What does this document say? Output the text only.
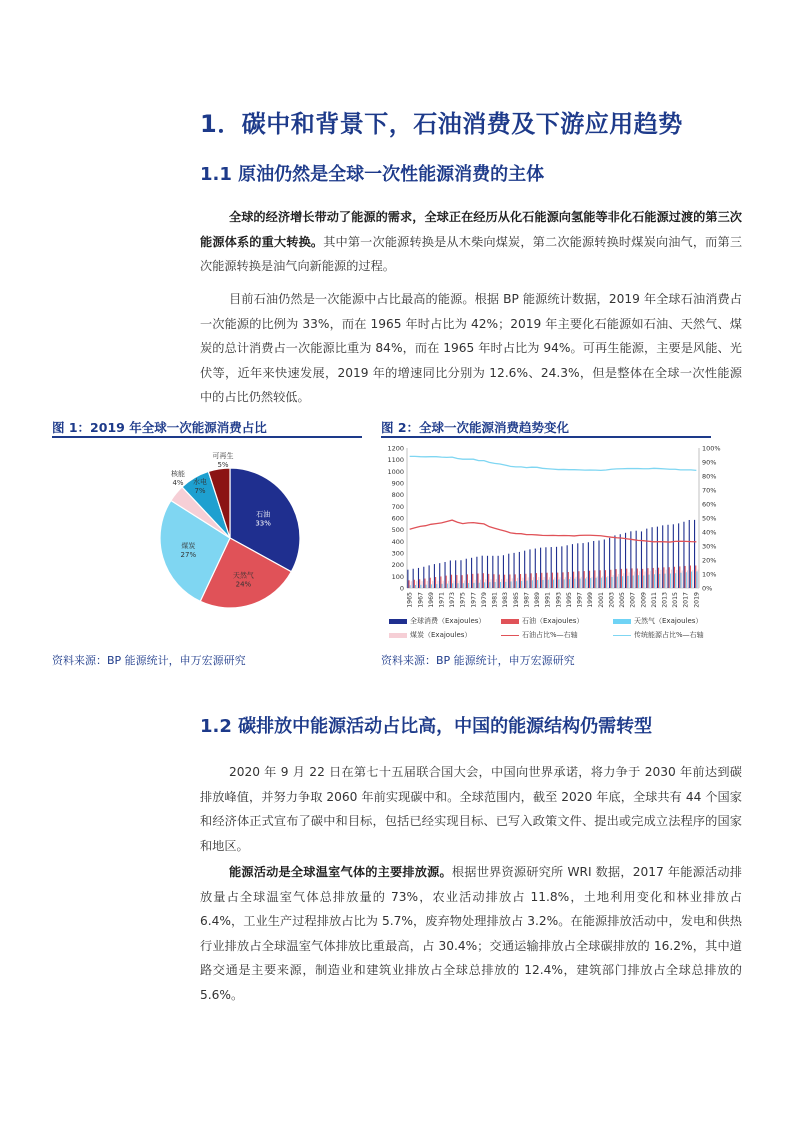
1．碳中和背景下，石油消费及下游应用趋势
1.1 原油仍然是全球一次性能源消费的主体

全球的经济增长带动了能源的需求，全球正在经历从化石能源向氢能等非化石能源过渡的第三次能源体系的重大转换。其中第一次能源转换是从木柴向煤炭，第二次能源转换时煤炭向油气，而第三次能源转换是油气向新能源的过程。

目前石油仍然是一次能源中占比最高的能源。根据 BP 能源统计数据，2019 年全球石油消费占一次能源的比例为 33%，而在 1965 年时占比为 42%；2019 年主要化石能源如石油、天然气、煤炭的总计消费占一次能源比重为 84%，而在 1965 年时占比为 94%。可再生能源，主要是风能、光伏等，近年来快速发展，2019 年的增速同比分别为 12.6%、24.3%，但是整体在全球一次性能源中的占比仍然较低。

图 1：2019 年全球一次能源消费占比
石油
33%
天然气
24%
煤炭
27%
核能
4% 水电
7%
可再生
5%
资料来源：BP 能源统计，申万宏源研究
图 2：全球一次能源消费趋势变化
0
100
200
300
400
500
600
700
800
900
1000
1100
1200
0%
10%
20%
30%
40%
50%
60%
70%
80%
90%
100%
1965 1967 1969 1971 1973 1975 1977 1979 1981 1983 1985 1987 1989 1991 1993 1995 1997 1999 2001 2003 2005 2007 2009 2011 2013 2015 2017 2019
全球消费（Exajoules）	石油（Exajoules）	天然气（Exajoules）
煤炭（Exajoules）	石油占比%—右轴	传统能源占比%—右轴
资料来源：BP 能源统计，申万宏源研究
1.2 碳排放中能源活动占比高，中国的能源结构仍需转型

2020 年 9 月 22 日在第七十五届联合国大会，中国向世界承诺，将力争于 2030 年前达到碳排放峰值，并努力争取 2060 年前实现碳中和。全球范围内，截至 2020 年底，全球共有 44 个国家和经济体正式宣布了碳中和目标，包括已经实现目标、已写入政策文件、提出或完成立法程序的国家和地区。

能源活动是全球温室气体的主要排放源。根据世界资源研究所 WRI 数据，2017 年能源活动排放量占全球温室气体总排放量的 73%，农业活动排放占 11.8%，土地利用变化和林业排放占 6.4%，工业生产过程排放占比为 5.7%，废弃物处理排放占 3.2%。在能源排放活动中，发电和供热行业排放占全球温室气体排放比重最高，占 30.4%；交通运输排放占全球碳排放的 16.2%，其中道路交通是主要来源，制造业和建筑业排放占全球总排放的 12.4%，建筑部门排放占全球总排放的 5.6%。
